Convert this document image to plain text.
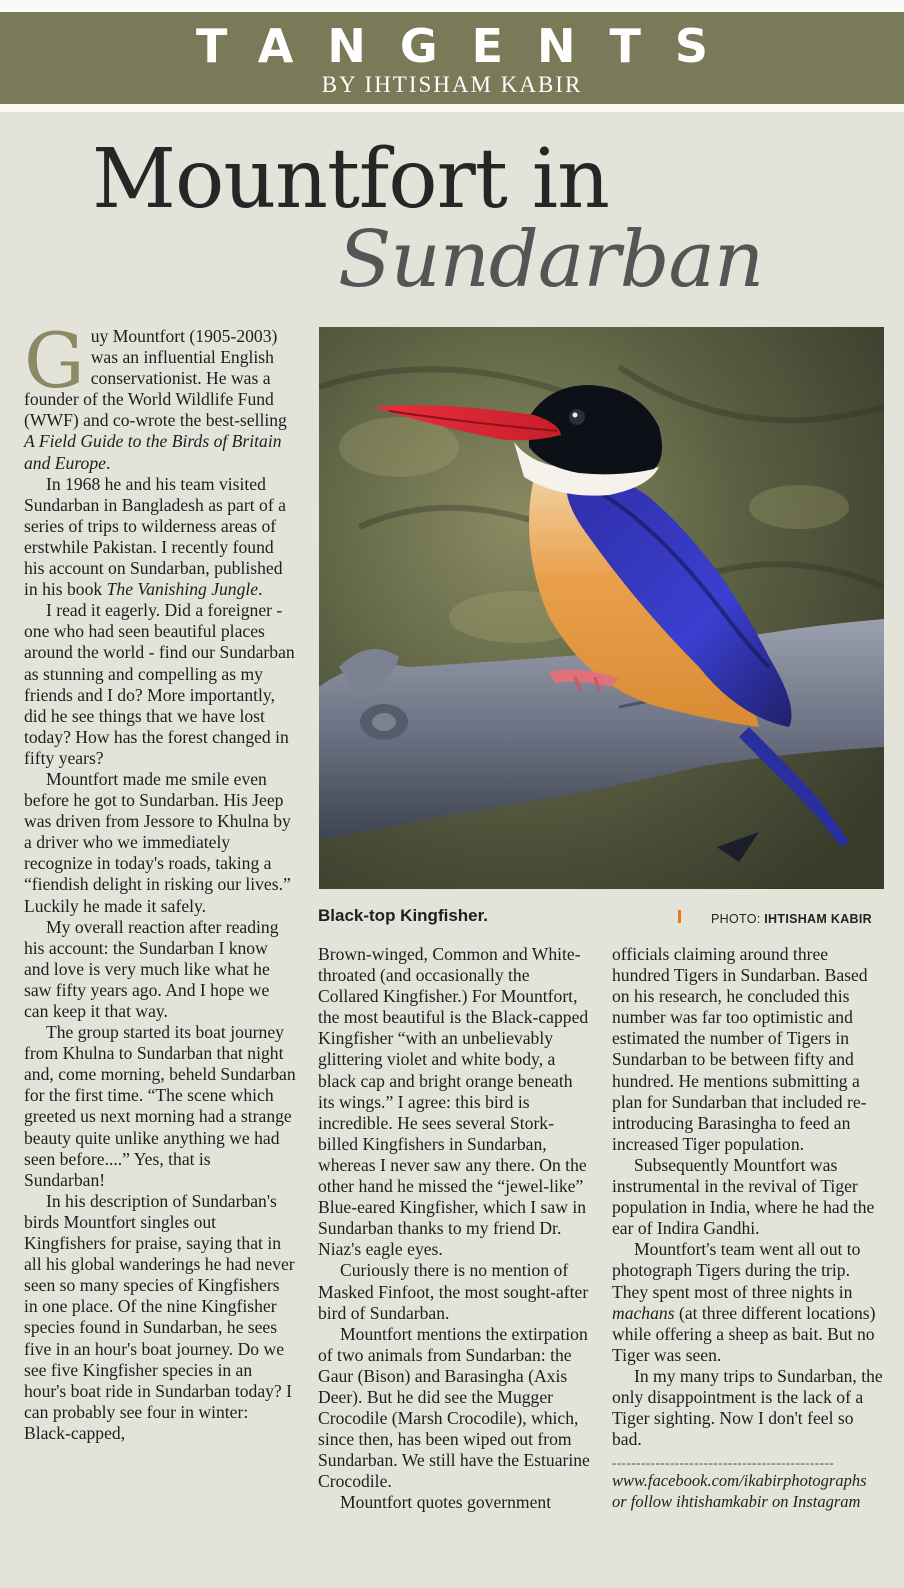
TANGENTS
BY IHTISHAM KABIR
Mountfort in
Sundarban
Black-top Kingfisher.	PHOTO: IHTISHAM KABIR

Guy Mountfort (1905-2003) was an influential English conservationist. He was a founder of the World Wildlife Fund (WWF) and co-wrote the best-selling A Field Guide to the Birds of Britain and Europe.

In 1968 he and his team visited Sundarban in Bangladesh as part of a series of trips to wilderness areas of erstwhile Pakistan. I recently found his account on Sundarban, published in his book The Vanishing Jungle.

I read it eagerly. Did a foreigner - one who had seen beautiful places around the world - find our Sundarban as stunning and compelling as my friends and I do? More importantly, did he see things that we have lost today? How has the forest changed in fifty years?

Mountfort made me smile even before he got to Sundarban. His Jeep was driven from Jessore to Khulna by a driver who we immediately recognize in today's roads, taking a “fiendish delight in risking our lives.” Luckily he made it safely.

My overall reaction after reading his account: the Sundarban I know and love is very much like what he saw fifty years ago. And I hope we can keep it that way.

The group started its boat journey from Khulna to Sundarban that night and, come morning, beheld Sundarban for the first time. “The scene which greeted us next morning had a strange beauty quite unlike anything we had seen before....” Yes, that is Sundarban!

In his description of Sundarban's birds Mountfort singles out Kingfishers for praise, saying that in all his global wanderings he had never seen so many species of Kingfishers in one place. Of the nine Kingfisher species found in Sundarban, he sees five in an hour's boat journey. Do we see five Kingfisher species in an hour's boat ride in Sundarban today? I can probably see four in winter: Black-capped,

Brown-winged, Common and White-throated (and occasionally the Collared Kingfisher.) For Mountfort, the most beautiful is the Black-capped Kingfisher “with an unbelievably glittering violet and white body, a black cap and bright orange beneath its wings.” I agree: this bird is incredible. He sees several Stork-billed Kingfishers in Sundarban, whereas I never saw any there. On the other hand he missed the “jewel-like” Blue-eared Kingfisher, which I saw in Sundarban thanks to my friend Dr. Niaz's eagle eyes.

Curiously there is no mention of Masked Finfoot, the most sought-after bird of Sundarban.

Mountfort mentions the extirpation of two animals from Sundarban: the Gaur (Bison) and Barasingha (Axis Deer). But he did see the Mugger Crocodile (Marsh Crocodile), which, since then, has been wiped out from Sundarban. We still have the Estuarine Crocodile.

Mountfort quotes government

officials claiming around three hundred Tigers in Sundarban. Based on his research, he concluded this number was far too optimistic and estimated the number of Tigers in Sundarban to be between fifty and hundred. He mentions submitting a plan for Sundarban that included re-introducing Barasingha to feed an increased Tiger population.

Subsequently Mountfort was instrumental in the revival of Tiger population in India, where he had the ear of Indira Gandhi.

Mountfort's team went all out to photograph Tigers during the trip. They spent most of three nights in machans (at three different locations) while offering a sheep as bait. But no Tiger was seen.

In my many trips to Sundarban, the only disappointment is the lack of a Tiger sighting. Now I don't feel so bad.

----------------------------------------------
www.facebook.com/ikabirphotographs or follow ihtishamkabir on Instagram
